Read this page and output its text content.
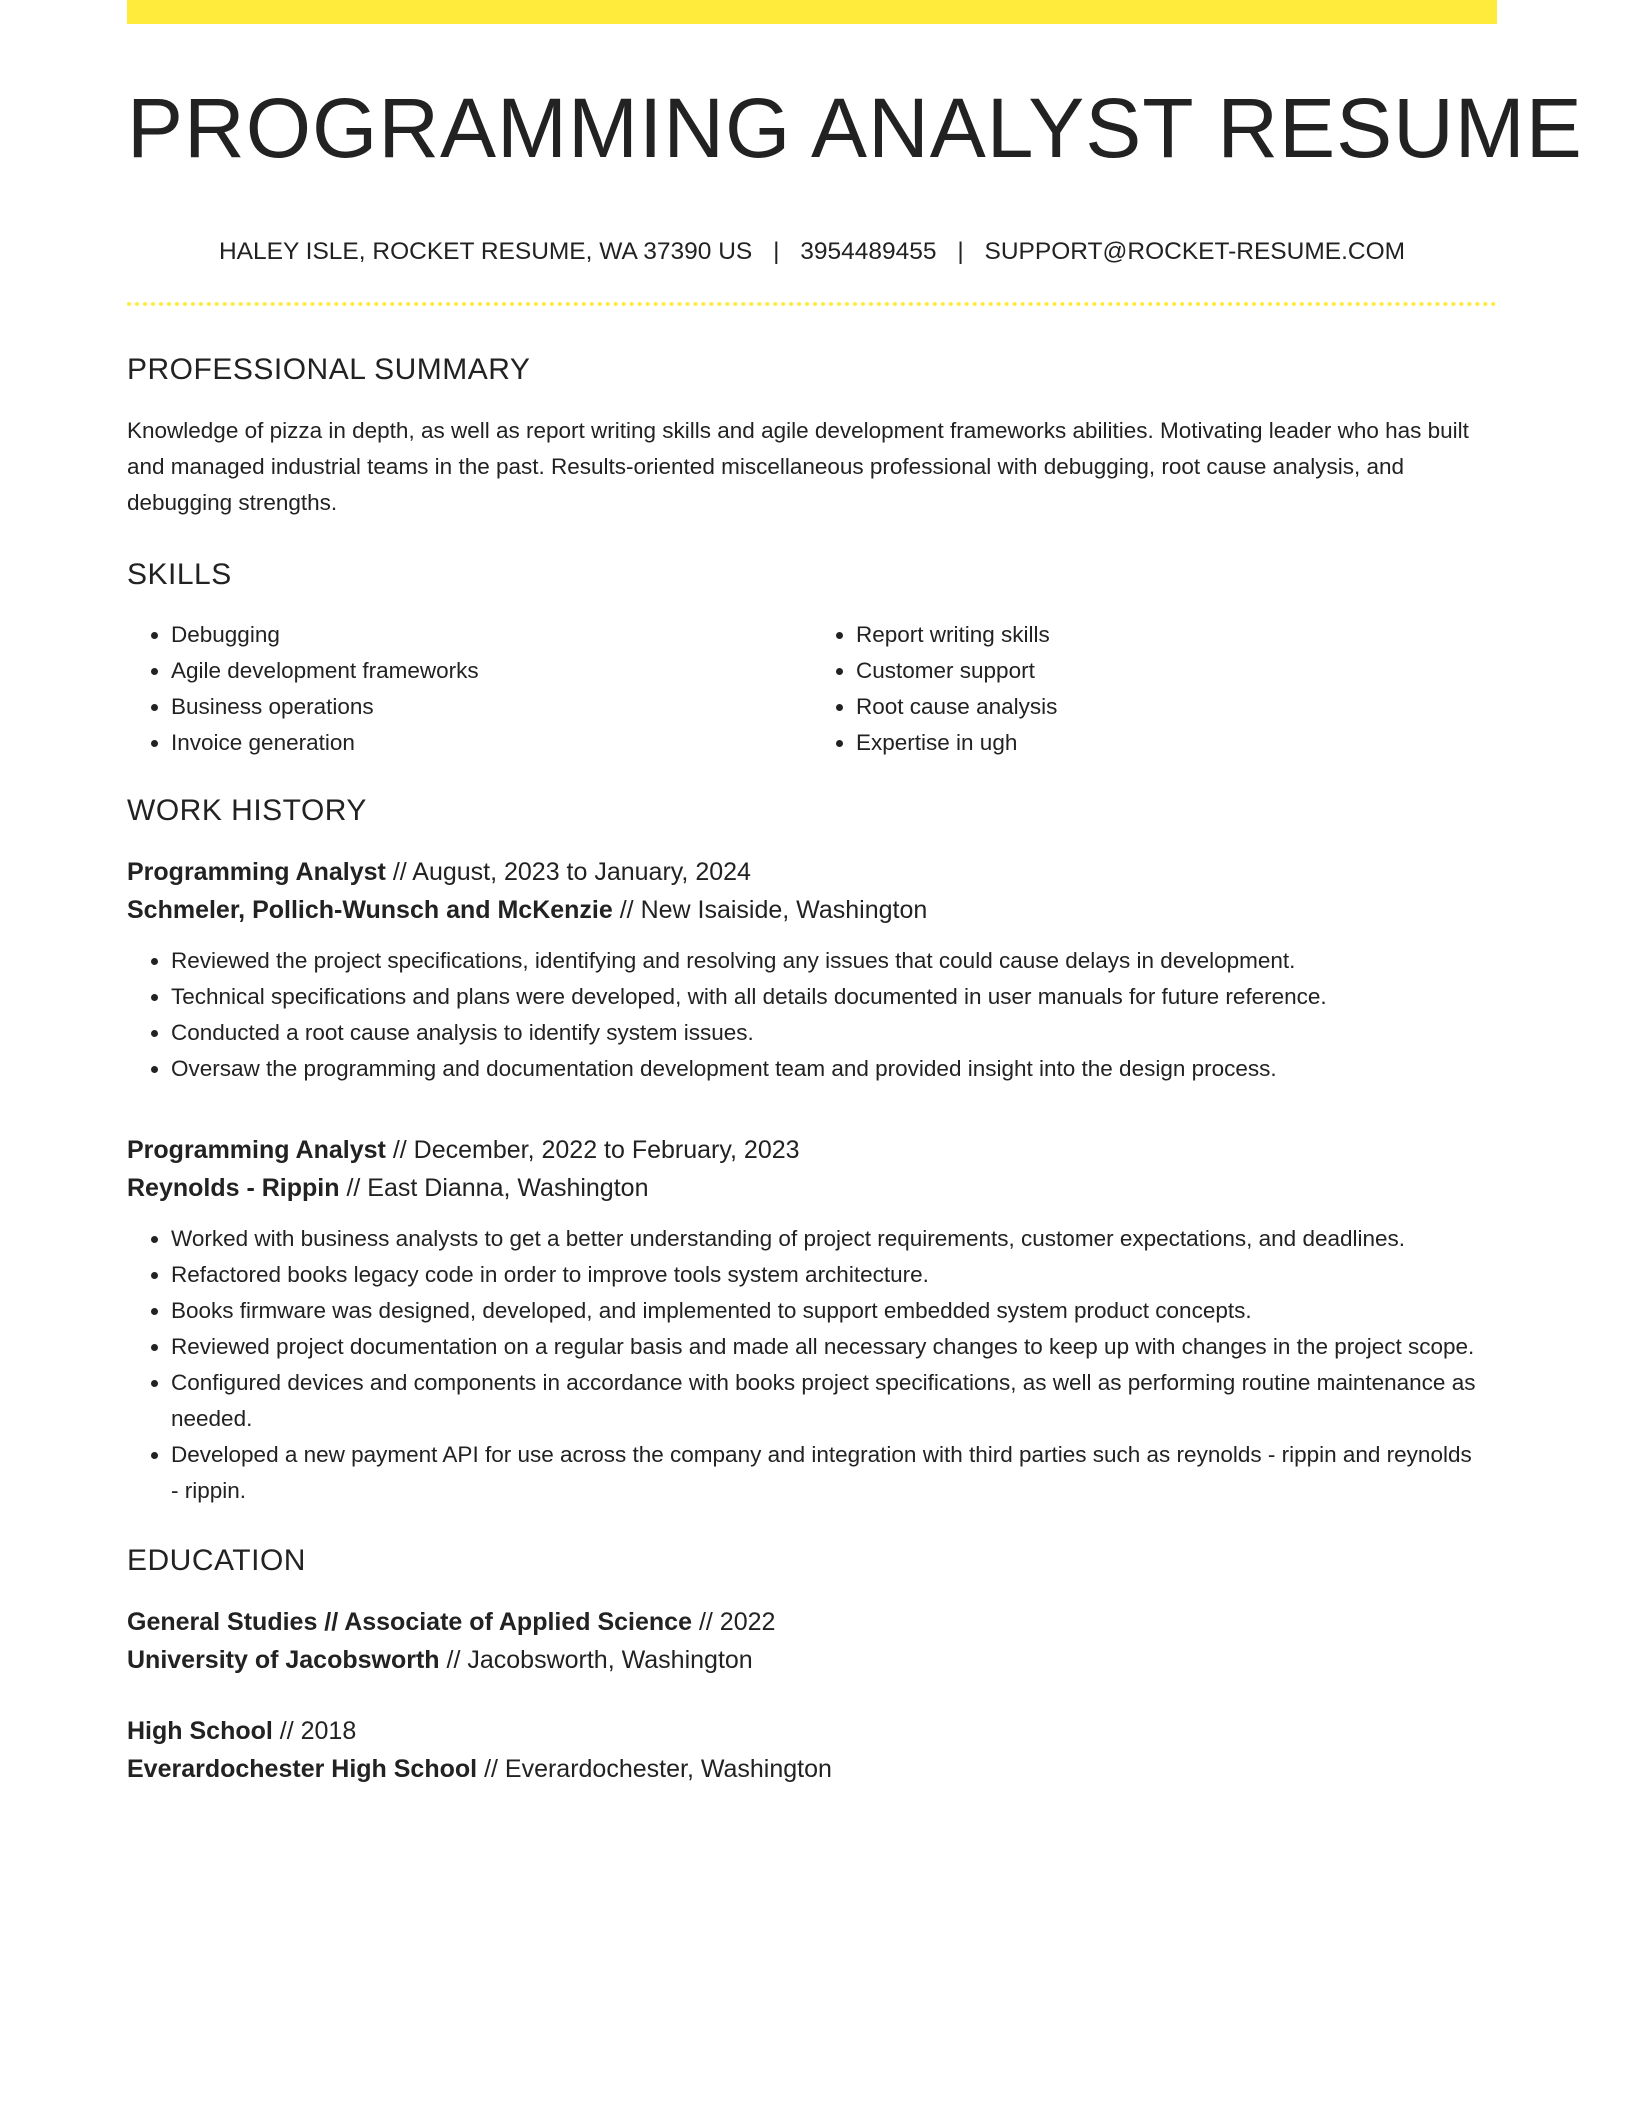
PROGRAMMING ANALYST RESUME
HALEY ISLE, ROCKET RESUME, WA 37390 US | 3954489455 | SUPPORT@ROCKET-RESUME.COM
PROFESSIONAL SUMMARY

Knowledge of pizza in depth, as well as report writing skills and agile development frameworks abilities. Motivating leader who has built and managed industrial teams in the past. Results-oriented miscellaneous professional with debugging, root cause analysis, and debugging strengths.

SKILLS
• Debugging
• Agile development frameworks
• Business operations
• Invoice generation
• Report writing skills
• Customer support
• Root cause analysis
• Expertise in ugh
WORK HISTORY
Programming Analyst // August, 2023 to January, 2024
Schmeler, Pollich-Wunsch and McKenzie // New Isaiside, Washington
• Reviewed the project specifications, identifying and resolving any issues that could cause delays in development.
• Technical specifications and plans were developed, with all details documented in user manuals for future reference.
• Conducted a root cause analysis to identify system issues.
• Oversaw the programming and documentation development team and provided insight into the design process.
Programming Analyst // December, 2022 to February, 2023
Reynolds - Rippin // East Dianna, Washington
• Worked with business analysts to get a better understanding of project requirements, customer expectations, and deadlines.
• Refactored books legacy code in order to improve tools system architecture.
• Books firmware was designed, developed, and implemented to support embedded system product concepts.
• Reviewed project documentation on a regular basis and made all necessary changes to keep up with changes in the project scope.
• Configured devices and components in accordance with books project specifications, as well as performing routine maintenance as needed.
• Developed a new payment API for use across the company and integration with third parties such as reynolds - rippin and reynolds - rippin.
EDUCATION
General Studies // Associate of Applied Science // 2022
University of Jacobsworth // Jacobsworth, Washington
High School // 2018
Everardochester High School // Everardochester, Washington
